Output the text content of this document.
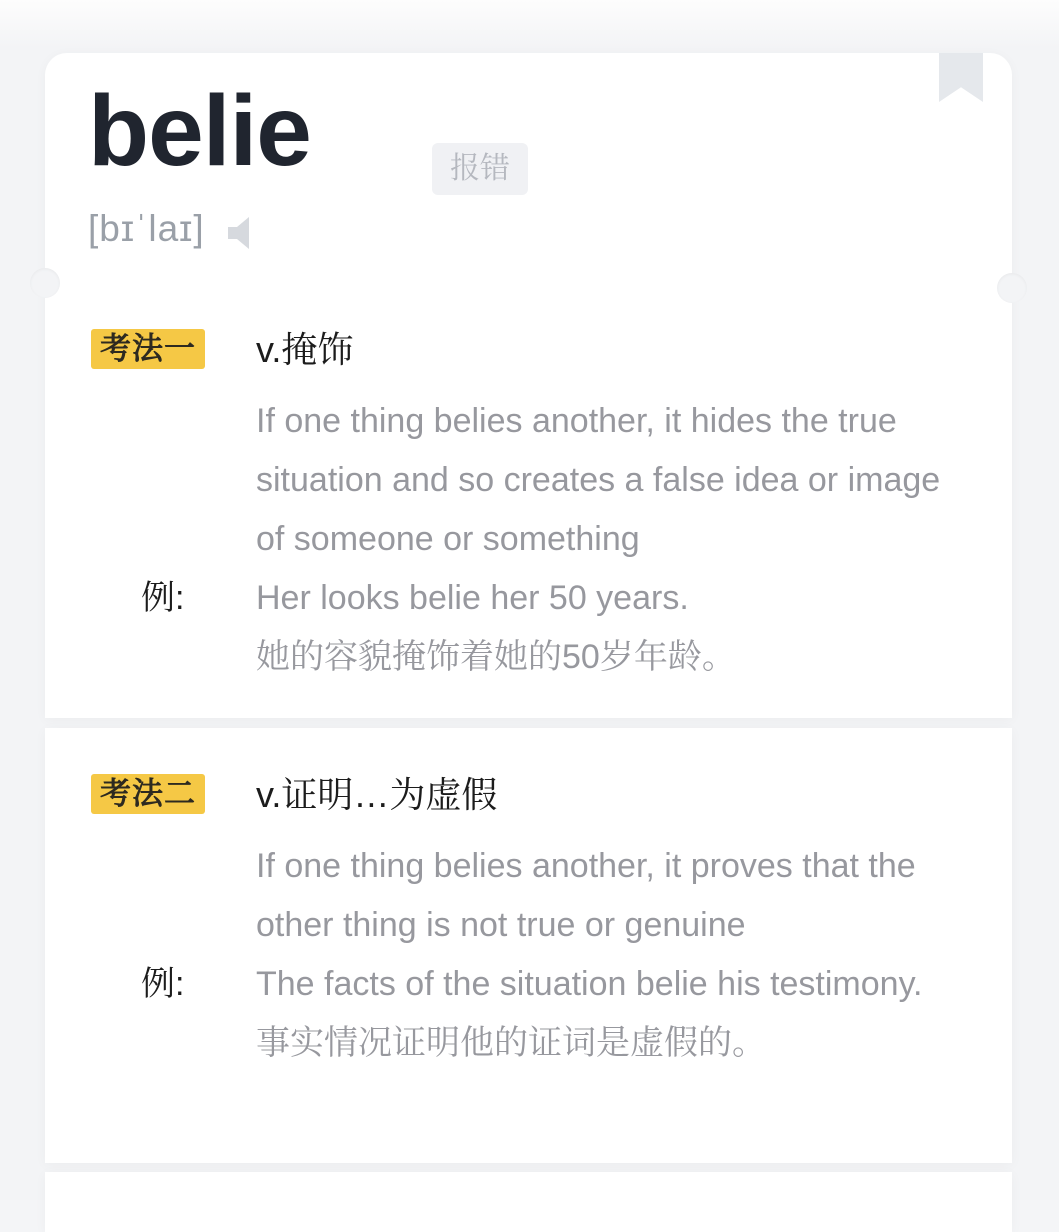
belie	报错
[bɪˈlaɪ]
考法一 v.掩饰
If one thing belies another, it hides the true situation and so creates a false idea or image of someone or something
例: Her looks belie her 50 years.
她的容貌掩饰着她的50岁年龄。
考法二 v.证明…为虚假
If one thing belies another, it proves that the other thing is not true or genuine
例: The facts of the situation belie his testimony.
事实情况证明他的证词是虚假的。
